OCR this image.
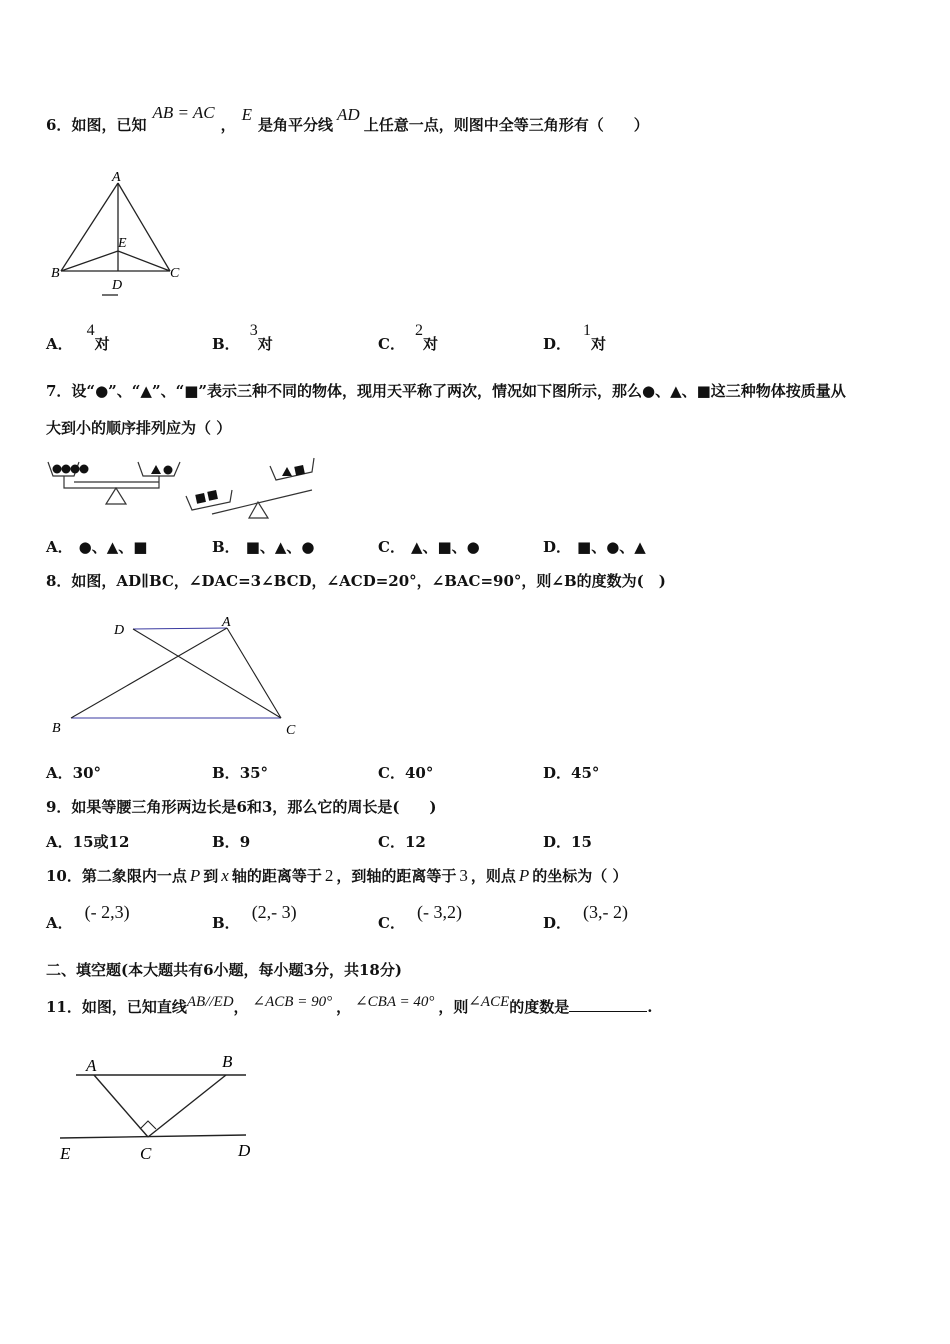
6．如图，已知AB = AC，E是角平分线AD上任意一点，则图中全等三角形有（　　）
A
B	C
D
E
A．4对	B．3对	C．2对	D．1对
7．设“●”、“▲”、“■”表示三种不同的物体，现用天平称了两次，情况如下图所示，那么●、▲、■这三种物体按质量从
大到小的顺序排列应为（ ）
A． ●、▲、■	B． ■、▲、●	C． ▲、■、●	D． ■、●、▲
8．如图，AD∥BC，∠DAC=3∠BCD，∠ACD=20°，∠BAC=90°，则∠B的度数为(　)
D
A
B	C
A．30°	B．35°	C．40°	D．45°
9．如果等腰三角形两边长是6和3，那么它的周长是(　　)
A．15或12	B．9	C．12	D．15
10．第二象限内一点 P 到 x 轴的距离等于 2 ，到轴的距离等于 3 ，则点 P 的坐标为（ ）
A．(- 2,3)
B．(2,- 3)
C．(- 3,2)
D．(3,- 2)
二、填空题(本大题共有6小题，每小题3分，共18分)
11．如图，已知直线AB//ED， ∠ACB = 90° ， ∠CBA = 40° ，则∠ACE的度数是	.
A	B
C	D
E
